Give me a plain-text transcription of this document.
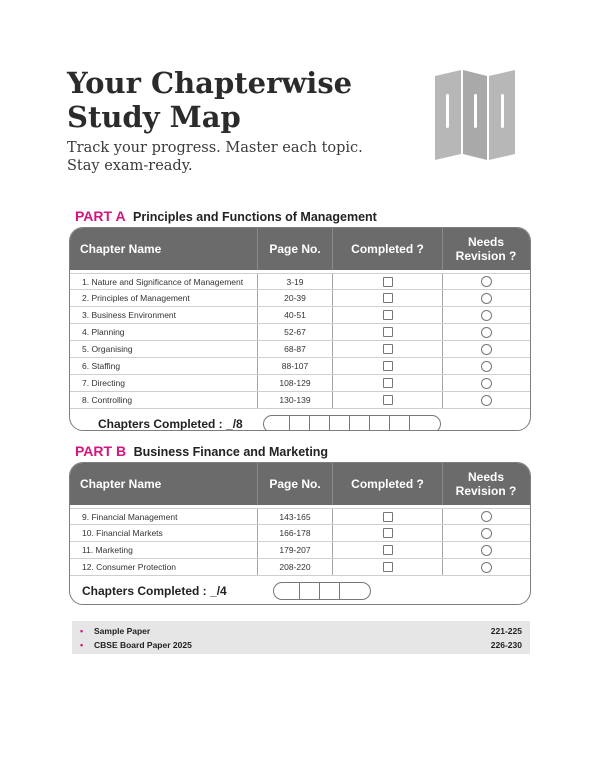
Your Chapterwise
Study Map
Track your progress. Master each topic.
Stay exam-ready.
PART A Principles and Functions of Management
Chapter Name	Page No.	Completed ?	Needs
Revision ?
1. Nature and Significance of Management	3-19
2. Principles of Management	20-39
3. Business Environment	40-51
4. Planning	52-67
5. Organising	68-87
6. Staffing	88-107
7. Directing	108-129
8. Controlling	130-139
Chapters Completed : _/8
PART B Business Finance and Marketing
Chapter Name	Page No.	Completed ?	Needs
Revision ?
9. Financial Management	143-165
10. Financial Markets	166-178
11. Marketing	179-207
12. Consumer Protection	208-220
Chapters Completed : _/4
•	Sample Paper	221-225
•	CBSE Board Paper 2025	226-230
